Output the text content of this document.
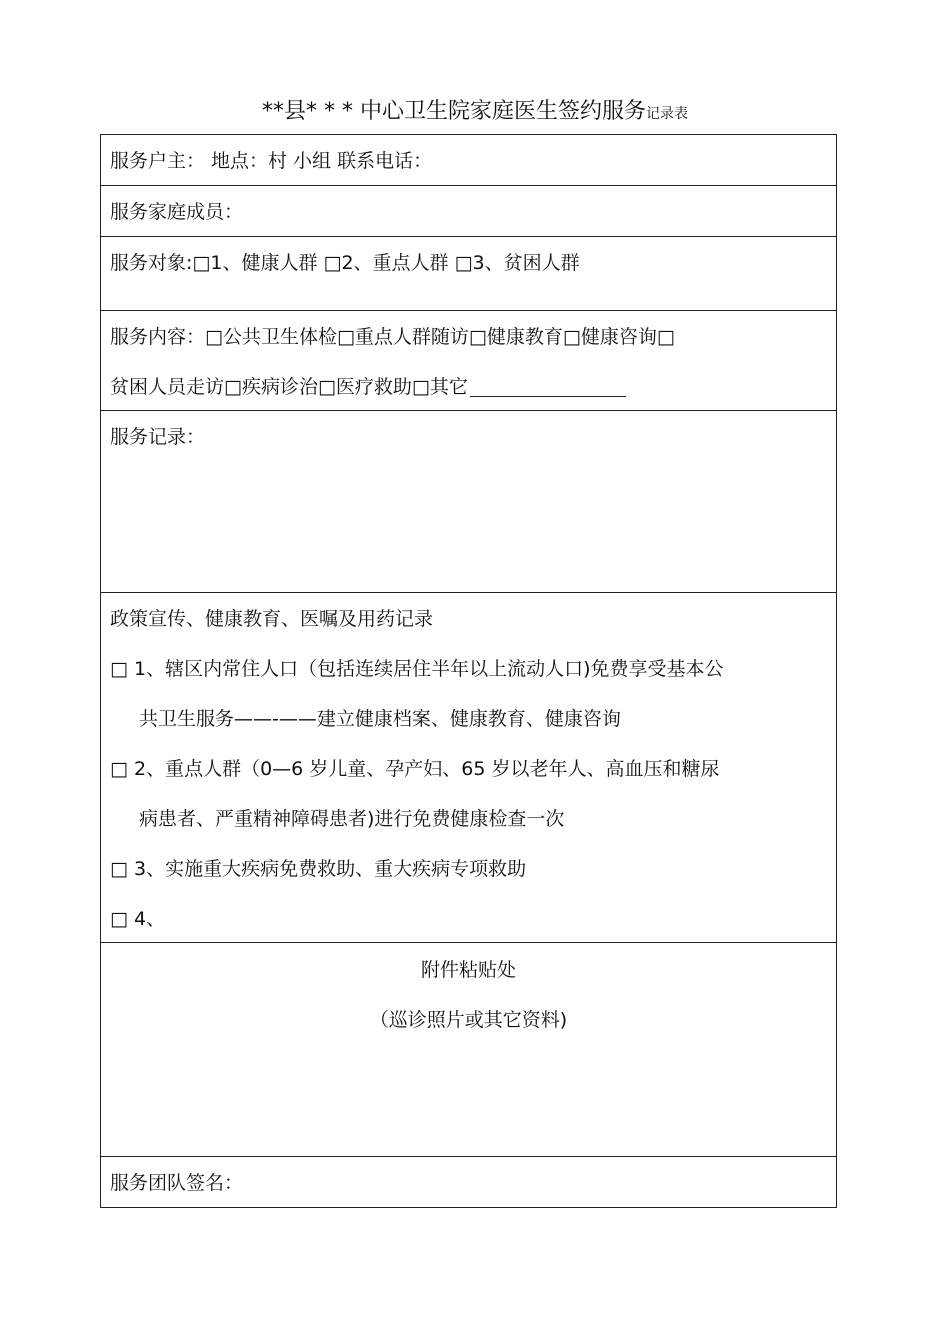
**县* * * 中心卫生院家庭医生签约服务记录表
服务户主： 地点：村 小组 联系电话：
服务家庭成员：
服务对象:□1、健康人群 □2、重点人群 □3、贫困人群
服务内容：□公共卫生体检□重点人群随访□健康教育□健康咨询□
贫困人员走访□疾病诊治□医疗救助□其它
服务记录：
政策宣传、健康教育、医嘱及用药记录
□ 1、辖区内常住人口（包括连续居住半年以上流动人口)免费享受基本公
共卫生服务——-——建立健康档案、健康教育、健康咨询
□ 2、重点人群（0—6 岁儿童、孕产妇、65 岁以老年人、高血压和糖尿
病患者、严重精神障碍患者)进行免费健康检查一次
□ 3、实施重大疾病免费救助、重大疾病专项救助
□ 4、
附件粘贴处
（巡诊照片或其它资料)
服务团队签名：
